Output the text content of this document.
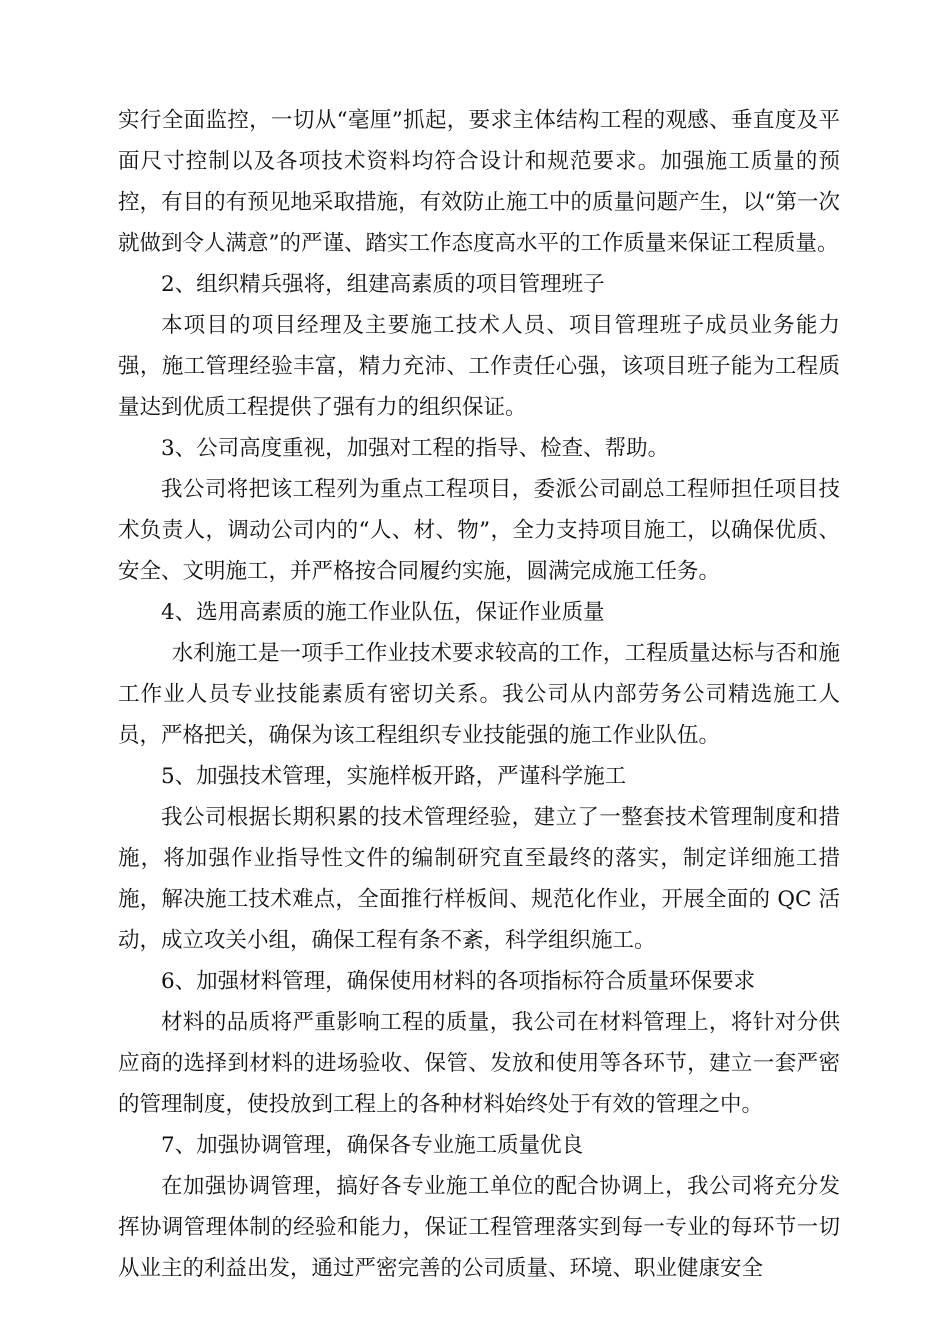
实行全面监控，一切从“毫厘”抓起，要求主体结构工程的观感、垂直度及平面尺寸控制以及各项技术资料均符合设计和规范要求。加强施工质量的预控，有目的有预见地采取措施，有效防止施工中的质量问题产生，以“第一次就做到令人满意”的严谨、踏实工作态度高水平的工作质量来保证工程质量。

2、组织精兵强将，组建高素质的项目管理班子

本项目的项目经理及主要施工技术人员、项目管理班子成员业务能力强，施工管理经验丰富，精力充沛、工作责任心强，该项目班子能为工程质量达到优质工程提供了强有力的组织保证。

3、公司高度重视，加强对工程的指导、检查、帮助。

我公司将把该工程列为重点工程项目，委派公司副总工程师担任项目技术负责人，调动公司内的“人、材、物”，全力支持项目施工，以确保优质、安全、文明施工，并严格按合同履约实施，圆满完成施工任务。

4、选用高素质的施工作业队伍，保证作业质量

水利施工是一项手工作业技术要求较高的工作，工程质量达标与否和施工作业人员专业技能素质有密切关系。我公司从内部劳务公司精选施工人员，严格把关，确保为该工程组织专业技能强的施工作业队伍。

5、加强技术管理，实施样板开路，严谨科学施工

我公司根据长期积累的技术管理经验，建立了一整套技术管理制度和措施，将加强作业指导性文件的编制研究直至最终的落实，制定详细施工措施，解决施工技术难点，全面推行样板间、规范化作业，开展全面的 QC 活动，成立攻关小组，确保工程有条不紊，科学组织施工。

6、加强材料管理，确保使用材料的各项指标符合质量环保要求

材料的品质将严重影响工程的质量，我公司在材料管理上，将针对分供应商的选择到材料的进场验收、保管、发放和使用等各环节，建立一套严密的管理制度，使投放到工程上的各种材料始终处于有效的管理之中。

7、加强协调管理，确保各专业施工质量优良

在加强协调管理，搞好各专业施工单位的配合协调上，我公司将充分发挥协调管理体制的经验和能力，保证工程管理落实到每一专业的每环节一切从业主的利益出发，通过严密完善的公司质量、环境、职业健康安全
